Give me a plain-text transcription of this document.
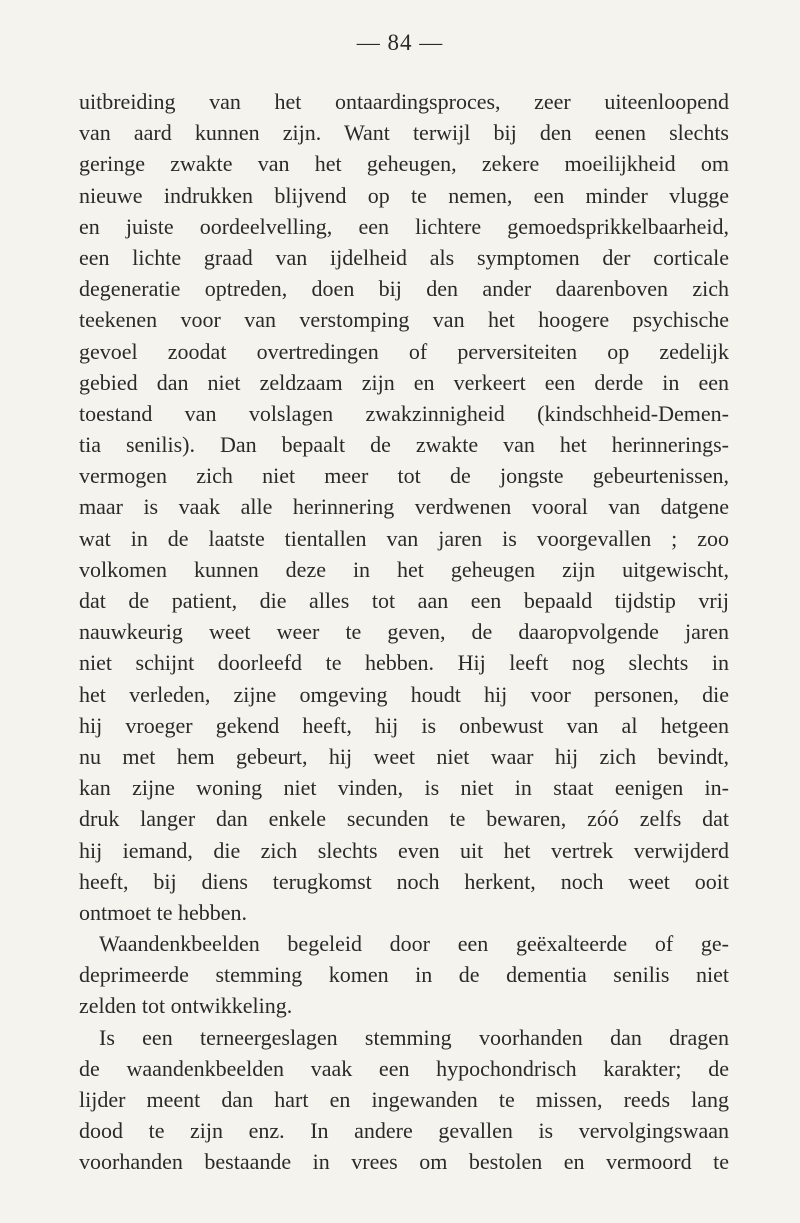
— 84 —
uitbreiding van het ontaardingsproces, zeer uiteenloopend
van aard kunnen zijn. Want terwijl bij den eenen slechts
geringe zwakte van het geheugen, zekere moeilijkheid om
nieuwe indrukken blijvend op te nemen, een minder vlugge
en juiste oordeelvelling, een lichtere gemoedsprikkelbaarheid,
een lichte graad van ijdelheid als symptomen der corticale
degeneratie optreden, doen bij den ander daarenboven zich
teekenen voor van verstomping van het hoogere psychische
gevoel zoodat overtredingen of perversiteiten op zedelijk
gebied dan niet zeldzaam zijn en verkeert een derde in een
toestand van volslagen zwakzinnigheid (kindschheid-Demen-
tia senilis). Dan bepaalt de zwakte van het herinnerings-
vermogen zich niet meer tot de jongste gebeurtenissen,
maar is vaak alle herinnering verdwenen vooral van datgene
wat in de laatste tientallen van jaren is voorgevallen ; zoo
volkomen kunnen deze in het geheugen zijn uitgewischt,
dat de patient, die alles tot aan een bepaald tijdstip vrij
nauwkeurig weet weer te geven, de daaropvolgende jaren
niet schijnt doorleefd te hebben. Hij leeft nog slechts in
het verleden, zijne omgeving houdt hij voor personen, die
hij vroeger gekend heeft, hij is onbewust van al hetgeen
nu met hem gebeurt, hij weet niet waar hij zich bevindt,
kan zijne woning niet vinden, is niet in staat eenigen in-
druk langer dan enkele secunden te bewaren, zóó zelfs dat
hij iemand, die zich slechts even uit het vertrek verwijderd
heeft, bij diens terugkomst noch herkent, noch weet ooit
ontmoet te hebben.
Waandenkbeelden begeleid door een geëxalteerde of ge-
deprimeerde stemming komen in de dementia senilis niet
zelden tot ontwikkeling.
Is een terneergeslagen stemming voorhanden dan dragen
de waandenkbeelden vaak een hypochondrisch karakter; de
lijder meent dan hart en ingewanden te missen, reeds lang
dood te zijn enz. In andere gevallen is vervolgingswaan
voorhanden bestaande in vrees om bestolen en vermoord te
